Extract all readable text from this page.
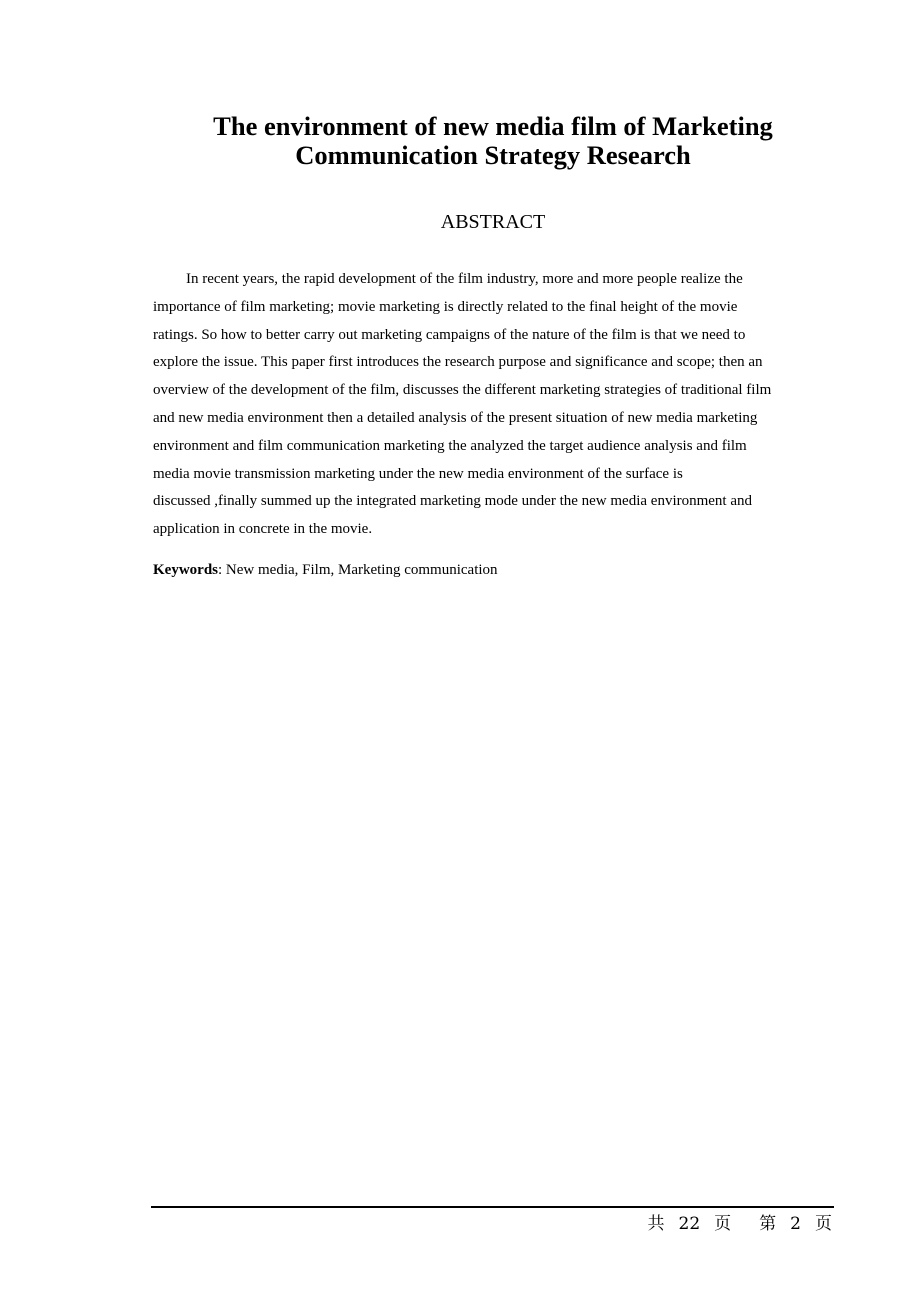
The environment of new media film of Marketing
Communication Strategy Research
ABSTRACT
In recent years, the rapid development of the film industry, more and more people realize the
importance of film marketing; movie marketing is directly related to the final height of the movie
ratings. So how to better carry out marketing campaigns of the nature of the film is that we need to
explore the issue. This paper first introduces the research purpose and significance and scope; then an
overview of the development of the film, discusses the different marketing strategies of traditional film
and new media environment then a detailed analysis of the present situation of new media marketing
environment and film communication marketing the analyzed the target audience analysis and film
media movie transmission marketing under the new media environment of the surface is
discussed ,finally summed up the integrated marketing mode under the new media environment and
application in concrete in the movie.

Keywords: New media, Film, Marketing communication

共 22 页 第 2 页
